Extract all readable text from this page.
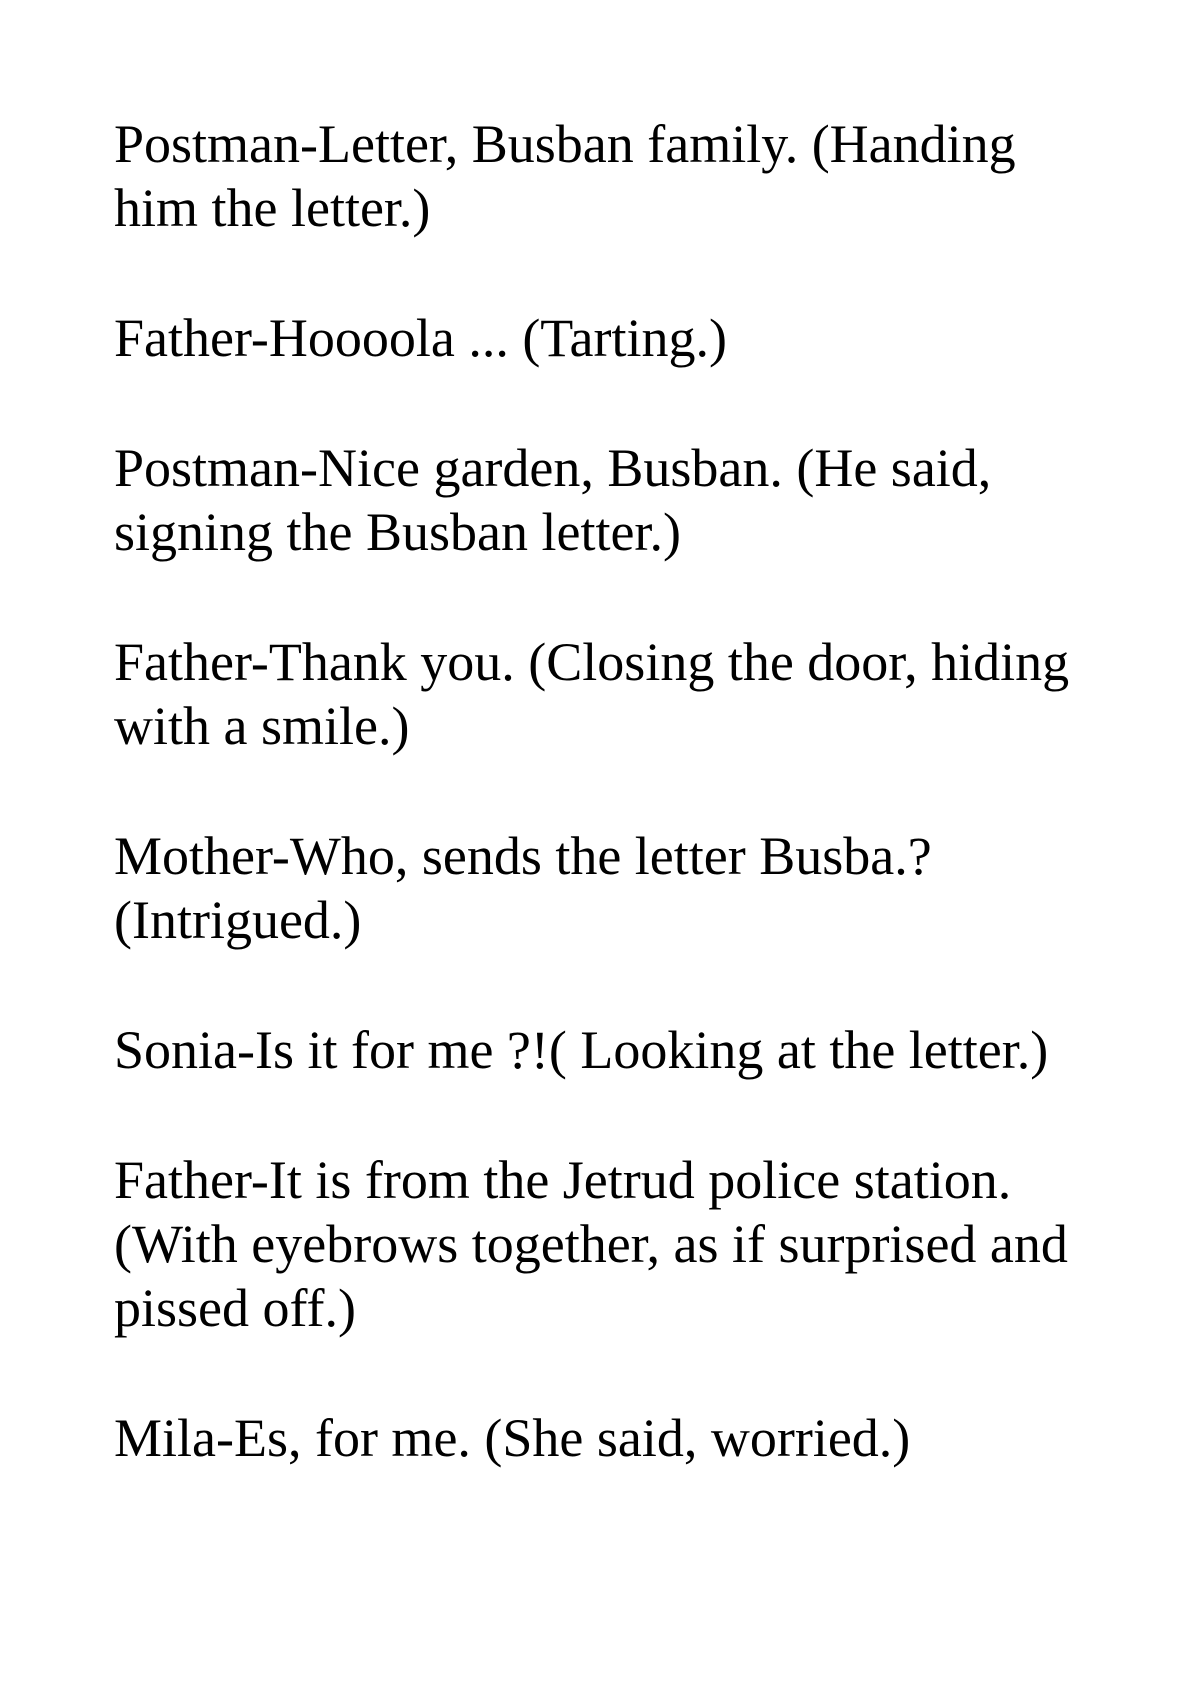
Postman-Letter, Busban family. (Handing him the letter.)

Father-Hoooola ... (Tarting.)

Postman-Nice garden, Busban. (He said, signing the Busban letter.)

Father-Thank you. (Closing the door, hiding with a smile.)

Mother-Who, sends the letter Busba.? (Intrigued.)

Sonia-Is it for me ?!( Looking at the letter.)

Father-It is from the Jetrud police station. (With eyebrows together, as if surprised and pissed off.)

Mila-Es, for me. (She said, worried.)
